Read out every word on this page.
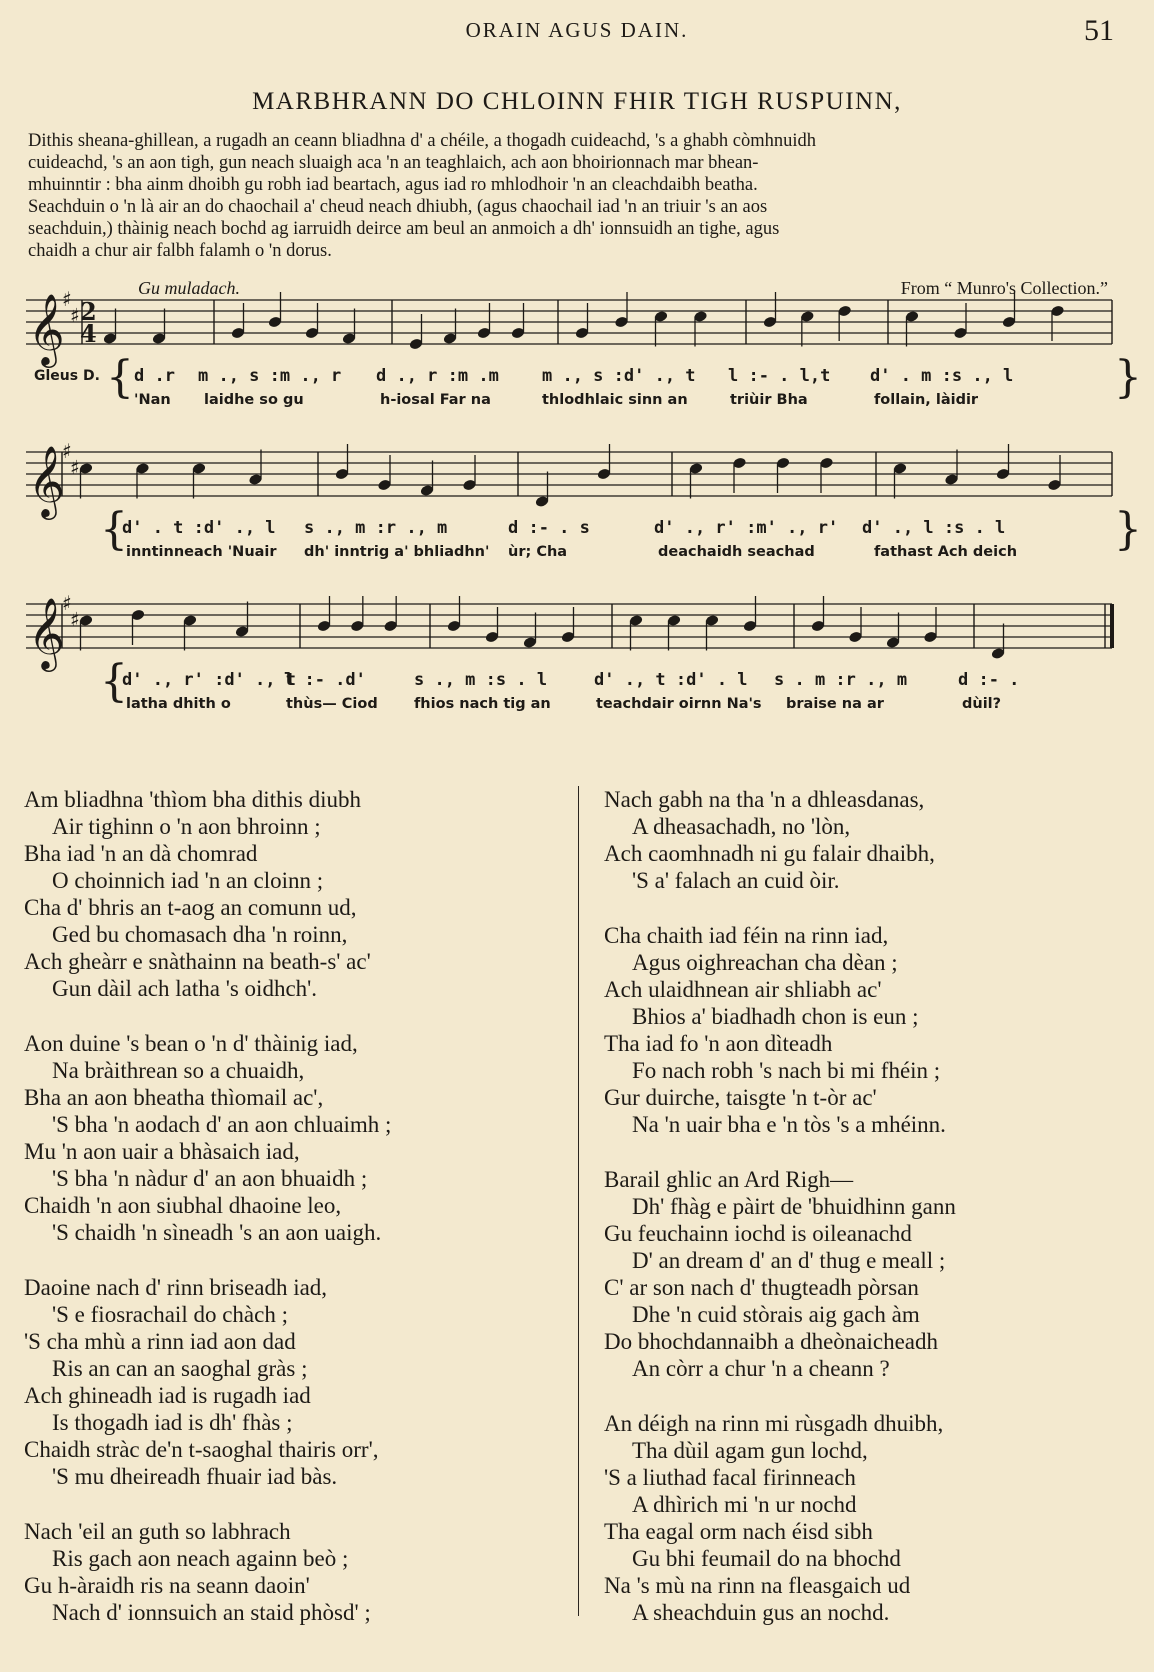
ORAIN AGUS DAIN.	51
MARBHRANN DO CHLOINN FHIR TIGH RUSPUINN,
Dithis sheana-ghillean, a rugadh an ceann bliadhna d' a chéile, a thogadh cuideachd, 's a ghabh còmhnuidh
cuideachd, 's an aon tigh, gun neach sluaigh aca 'n an teaghlaich, ach aon bhoirionnach mar bhean-
mhuinntir : bha ainm dhoibh gu robh iad beartach, agus iad ro mhlodhoir 'n an cleachdaibh beatha.
Seachduin o 'n là air an do chaochail a' cheud neach dhiubh, (agus chaochail iad 'n an triuir 's an aos
seachduin,) thàinig neach bochd ag iarruidh deirce am beul an anmoich a dh' ionnsuidh an tighe, agus
chaidh a chur air falbh falamh o 'n dorus.
Gu muladach.	From “ Munro's Collection.”
𝄞
♯
♯ 2
4
Gleus D. {	}
d .r m ., s :m ., r d ., r :m .m	m ., s :d' ., t l :- . l,t d' . m :s ., l
'Nan laidhe so gu	h-iosal Far na	thlodhlaic sinn an	triùir Bha	follain, làidir
𝄞
♯
♯
{	}
d' . t :d' ., l s ., m :r ., m	d :- . s	d' ., r' :m' ., r' d' ., l :s . l
inntinneach 'Nuair dh' inntrig a' bhliadhn' ùr; Cha	deachaidh seachad	fathast Ach deich
𝄞
♯
♯
{
d' ., r' :d' ., t
l :- .d'	s ., m :s . l	d' ., t :d' . l s . m :r ., m	d :- .
latha dhith o	thùs— Ciod	fhios nach tig an	teachdair oirnn Na's braise na ar	dùil?
Am bliadhna 'thìom bha dithis diubh
Air tighinn o 'n aon bhroinn ;
Bha iad 'n an dà chomrad
O choinnich iad 'n an cloinn ;
Cha d' bhris an t-aog an comunn ud,
Ged bu chomasach dha 'n roinn,
Ach gheàrr e snàthainn na beath-s' ac'
Gun dàil ach latha 's oidhch'.
Aon duine 's bean o 'n d' thàinig iad,
Na bràithrean so a chuaidh,
Bha an aon bheatha thìomail ac',
'S bha 'n aodach d' an aon chluaimh ;
Mu 'n aon uair a bhàsaich iad,
'S bha 'n nàdur d' an aon bhuaidh ;
Chaidh 'n aon siubhal dhaoine leo,
'S chaidh 'n sìneadh 's an aon uaigh.
Daoine nach d' rinn briseadh iad,
'S e fiosrachail do chàch ;
'S cha mhù a rinn iad aon dad
Ris an can an saoghal gràs ;
Ach ghineadh iad is rugadh iad
Is thogadh iad is dh' fhàs ;
Chaidh stràc de'n t-saoghal thairis orr',
'S mu dheireadh fhuair iad bàs.
Nach 'eil an guth so labhrach
Ris gach aon neach againn beò ;
Gu h-àraidh ris na seann daoin'
Nach d' ionnsuich an staid phòsd' ;
Nach gabh na tha 'n a dhleasdanas,
A dheasachadh, no 'lòn,
Ach caomhnadh ni gu falair dhaibh,
'S a' falach an cuid òir.
Cha chaith iad féin na rinn iad,
Agus oighreachan cha dèan ;
Ach ulaidhnean air shliabh ac'
Bhios a' biadhadh chon is eun ;
Tha iad fo 'n aon dìteadh
Fo nach robh 's nach bi mi fhéin ;
Gur duirche, taisgte 'n t-òr ac'
Na 'n uair bha e 'n tòs 's a mhéinn.
Barail ghlic an Ard Righ—
Dh' fhàg e pàirt de 'bhuidhinn gann
Gu feuchainn iochd is oileanachd
D' an dream d' an d' thug e meall ;
C' ar son nach d' thugteadh pòrsan
Dhe 'n cuid stòrais aig gach àm
Do bhochdannaibh a dheònaicheadh
An còrr a chur 'n a cheann ?
An déigh na rinn mi rùsgadh dhuibh,
Tha dùil agam gun lochd,
'S a liuthad facal firinneach
A dhìrich mi 'n ur nochd
Tha eagal orm nach éisd sibh
Gu bhi feumail do na bhochd
Na 's mù na rinn na fleasgaich ud
A sheachduin gus an nochd.
